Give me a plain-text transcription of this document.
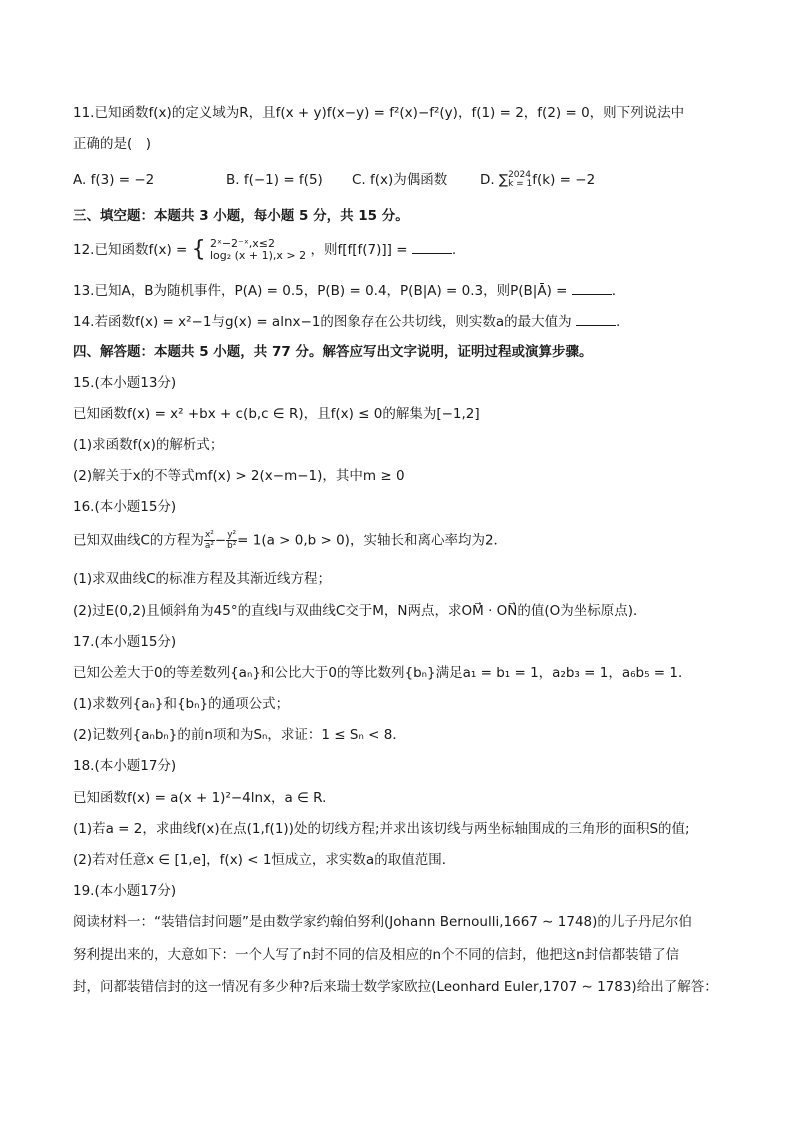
11.已知函数f(x)的定义域为R，且f(x + y)f(x−y) = f²(x)−f²(y)，f(1) = 2，f(2) = 0，则下列说法中
正确的是(　)
A. f(3) = −2	B. f(−1) = f(5) C. f(x)为偶函数 D. ∑ 2024
k = 1 f(k) = −2
三、填空题：本题共 3 小题，每小题 5 分，共 15 分。
12.已知函数f(x) = { 2ˣ−2⁻ˣ,x≤2
log₂ (x + 1),x > 2 ，则f[f[f(7)]] =	.
13.已知A，B为随机事件，P(A) = 0.5，P(B) = 0.4，P(B|A) = 0.3，则P(B|Ā) =	.
14.若函数f(x) = x²−1与g(x) = alnx−1的图象存在公共切线，则实数a的最大值为	.
四、解答题：本题共 5 小题，共 77 分。解答应写出文字说明，证明过程或演算步骤。
15.(本小题13分)
已知函数f(x) = x² +bx + c(b,c ∈ R)，且f(x) ≤ 0的解集为[−1,2]
(1)求函数f(x)的解析式；
(2)解关于x的不等式mf(x) > 2(x−m−1)，其中m ≥ 0
16.(本小题15分)
已知双曲线C的方程为 $\frac{\text{x²}}{\text{a²}} - \frac{\text{y²}}{\text{b²}} = 1(a > 0,b > 0)$，实轴长和离心率均为2．
(1)求双曲线C的标准方程及其渐近线方程；
(2)过E(0,2)且倾斜角为45°的直线l与双曲线C交于M，N两点，求OM⃗ · ON⃗的值(O为坐标原点)．
17.(本小题15分)
已知公差大于0的等差数列{aₙ}和公比大于0的等比数列{bₙ}满足a₁ = b₁ = 1，a₂b₃ = 1，a₆b₅ = 1．
(1)求数列{aₙ}和{bₙ}的通项公式；
(2)记数列{aₙbₙ}的前n项和为Sₙ，求证：1 ≤ Sₙ < 8．
18.(本小题17分)
已知函数f(x) = a(x + 1)²−4lnx，a ∈ R.
(1)若a = 2，求曲线f(x)在点(1,f(1))处的切线方程;并求出该切线与两坐标轴围成的三角形的面积S的值;
(2)若对任意x ∈ [1,e]，f(x) < 1恒成立，求实数a的取值范围．
19.(本小题17分)
阅读材料一：“装错信封问题”是由数学家约翰伯努利(Johann Bernoulli,1667 ∼ 1748)的儿子丹尼尔伯
努利提出来的，大意如下：一个人写了n封不同的信及相应的n个不同的信封，他把这n封信都装错了信
封，问都装错信封的这一情况有多少种?后来瑞士数学家欧拉(Leonhard Euler,1707 ∼ 1783)给出了解答：
